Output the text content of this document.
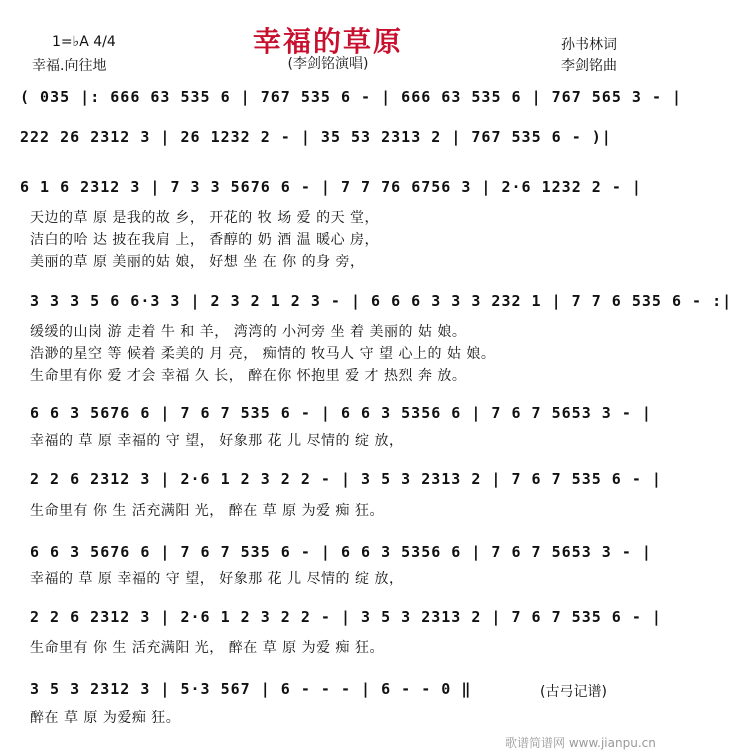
幸福的草原
(李剑铭演唱)
1=♭A 4/4
幸福.向往地
孙书林词
李剑铭曲
( 035 |: 666 63 535 6 | 767 535 6 - | 666 63 535 6 | 767 565 3 - |
222 26 2312 3 | 26 1232 2 - | 35 53 2313 2 | 767 535 6 - )|
6 1 6 2312 3 | 7 3 3 5676 6 - | 7 7 76 6756 3 | 2·6 1232 2 - |
天边的草 原 是我的故 乡， 开花的 牧 场 爱 的天 堂，
洁白的哈 达 披在我肩 上， 香醇的 奶 酒 温 暖心 房，
美丽的草 原 美丽的姑 娘， 好想 坐 在 你 的身 旁，
3 3 3 5 6 6·3 3 | 2 3 2 1 2 3 - | 6 6 6 3 3 3 232 1 | 7 7 6 535 6 - :|
缓缓的山岗 游 走着 牛 和 羊， 湾湾的 小河旁 坐 着 美丽的 姑 娘。
浩渺的星空 等 候着 柔美的 月 亮， 痴情的 牧马人 守 望 心上的 姑 娘。
生命里有你 爱 才会 幸福 久 长， 醉在你 怀抱里 爱 才 热烈 奔 放。
6 6 3 5676 6 | 7 6 7 535 6 - | 6 6 3 5356 6 | 7 6 7 5653 3 - |
幸福的 草 原 幸福的 守 望， 好象那 花 儿 尽情的 绽 放，
2 2 6 2312 3 | 2·6 1 2 3 2 2 - | 3 5 3 2313 2 | 7 6 7 535 6 - |
生命里有 你 生 活充满阳 光， 醉在 草 原 为爱 痴 狂。
6 6 3 5676 6 | 7 6 7 535 6 - | 6 6 3 5356 6 | 7 6 7 5653 3 - |
幸福的 草 原 幸福的 守 望， 好象那 花 儿 尽情的 绽 放，
2 2 6 2312 3 | 2·6 1 2 3 2 2 - | 3 5 3 2313 2 | 7 6 7 535 6 - |
生命里有 你 生 活充满阳 光， 醉在 草 原 为爱 痴 狂。
3 5 3 2312 3 | 5·3 567 | 6 - - - | 6 - - 0 ‖
醉在 草 原 为爱痴 狂。
(古弓记谱)
歌谱简谱网 www.jianpu.cn
